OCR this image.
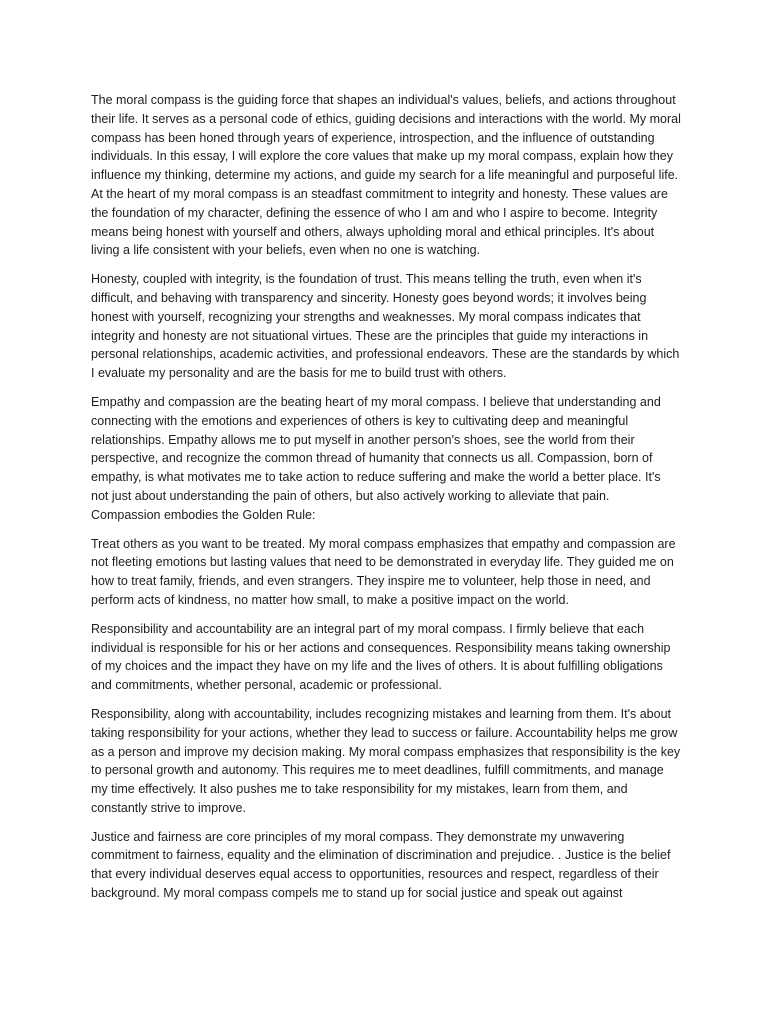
The moral compass is the guiding force that shapes an individual's values, beliefs, and actions throughout their life. It serves as a personal code of ethics, guiding decisions and interactions with the world. My moral compass has been honed through years of experience, introspection, and the influence of outstanding individuals. In this essay, I will explore the core values that make up my moral compass, explain how they influence my thinking, determine my actions, and guide my search for a life meaningful and purposeful life. At the heart of my moral compass is an steadfast commitment to integrity and honesty. These values are the foundation of my character, defining the essence of who I am and who I aspire to become. Integrity means being honest with yourself and others, always upholding moral and ethical principles. It's about living a life consistent with your beliefs, even when no one is watching.

Honesty, coupled with integrity, is the foundation of trust. This means telling the truth, even when it's difficult, and behaving with transparency and sincerity. Honesty goes beyond words; it involves being honest with yourself, recognizing your strengths and weaknesses. My moral compass indicates that integrity and honesty are not situational virtues. These are the principles that guide my interactions in personal relationships, academic activities, and professional endeavors. These are the standards by which I evaluate my personality and are the basis for me to build trust with others.

Empathy and compassion are the beating heart of my moral compass. I believe that understanding and connecting with the emotions and experiences of others is key to cultivating deep and meaningful relationships. Empathy allows me to put myself in another person's shoes, see the world from their perspective, and recognize the common thread of humanity that connects us all. Compassion, born of empathy, is what motivates me to take action to reduce suffering and make the world a better place. It's not just about understanding the pain of others, but also actively working to alleviate that pain. Compassion embodies the Golden Rule:

Treat others as you want to be treated. My moral compass emphasizes that empathy and compassion are not fleeting emotions but lasting values that need to be demonstrated in everyday life. They guided me on how to treat family, friends, and even strangers. They inspire me to volunteer, help those in need, and perform acts of kindness, no matter how small, to make a positive impact on the world.

Responsibility and accountability are an integral part of my moral compass. I firmly believe that each individual is responsible for his or her actions and consequences. Responsibility means taking ownership of my choices and the impact they have on my life and the lives of others. It is about fulfilling obligations and commitments, whether personal, academic or professional.

Responsibility, along with accountability, includes recognizing mistakes and learning from them. It's about taking responsibility for your actions, whether they lead to success or failure. Accountability helps me grow as a person and improve my decision making. My moral compass emphasizes that responsibility is the key to personal growth and autonomy. This requires me to meet deadlines, fulfill commitments, and manage my time effectively. It also pushes me to take responsibility for my mistakes, learn from them, and constantly strive to improve.

Justice and fairness are core principles of my moral compass. They demonstrate my unwavering commitment to fairness, equality and the elimination of discrimination and prejudice. . Justice is the belief that every individual deserves equal access to opportunities, resources and respect, regardless of their background. My moral compass compels me to stand up for social justice and speak out against
